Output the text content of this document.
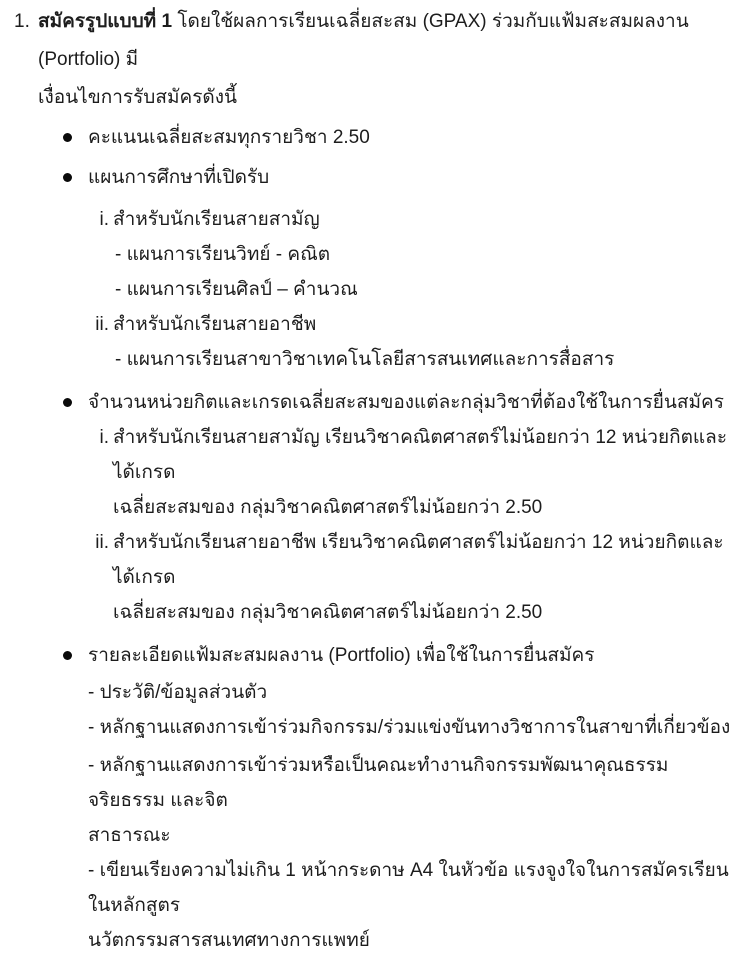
1. สมัครรูปแบบที่ 1 โดยใช้ผลการเรียนเฉลี่ยสะสม (GPAX) ร่วมกับแฟ้มสะสมผลงาน (Portfolio) มี
เงื่อนไขการรับสมัครดังนี้
คะแนนเฉลี่ยสะสมทุกรายวิชา 2.50
แผนการศึกษาที่เปิดรับ
i. สำหรับนักเรียนสายสามัญ
- แผนการเรียนวิทย์ - คณิต
- แผนการเรียนศิลป์ – คำนวณ
ii. สำหรับนักเรียนสายอาชีพ
- แผนการเรียนสาขาวิชาเทคโนโลยีสารสนเทศและการสื่อสาร
จำนวนหน่วยกิตและเกรดเฉลี่ยสะสมของแต่ละกลุ่มวิชาที่ต้องใช้ในการยื่นสมัคร
i. สำหรับนักเรียนสายสามัญ เรียนวิชาคณิตศาสตร์ไม่น้อยกว่า 12 หน่วยกิตและได้เกรด
เฉลี่ยสะสมของ กลุ่มวิชาคณิตศาสตร์ไม่น้อยกว่า 2.50
ii. สำหรับนักเรียนสายอาชีพ เรียนวิชาคณิตศาสตร์ไม่น้อยกว่า 12 หน่วยกิตและได้เกรด
เฉลี่ยสะสมของ กลุ่มวิชาคณิตศาสตร์ไม่น้อยกว่า 2.50
รายละเอียดแฟ้มสะสมผลงาน (Portfolio) เพื่อใช้ในการยื่นสมัคร
- ประวัติ/ข้อมูลส่วนตัว
- หลักฐานแสดงการเข้าร่วมกิจกรรม/ร่วมแข่งขันทางวิชาการในสาขาที่เกี่ยวข้อง
- หลักฐานแสดงการเข้าร่วมหรือเป็นคณะทำงานกิจกรรมพัฒนาคุณธรรม จริยธรรม และจิต
สาธารณะ
- เขียนเรียงความไม่เกิน 1 หน้ากระดาษ A4 ในหัวข้อ แรงจูงใจในการสมัครเรียนในหลักสูตร
นวัตกรรมสารสนเทศทางการแพทย์
